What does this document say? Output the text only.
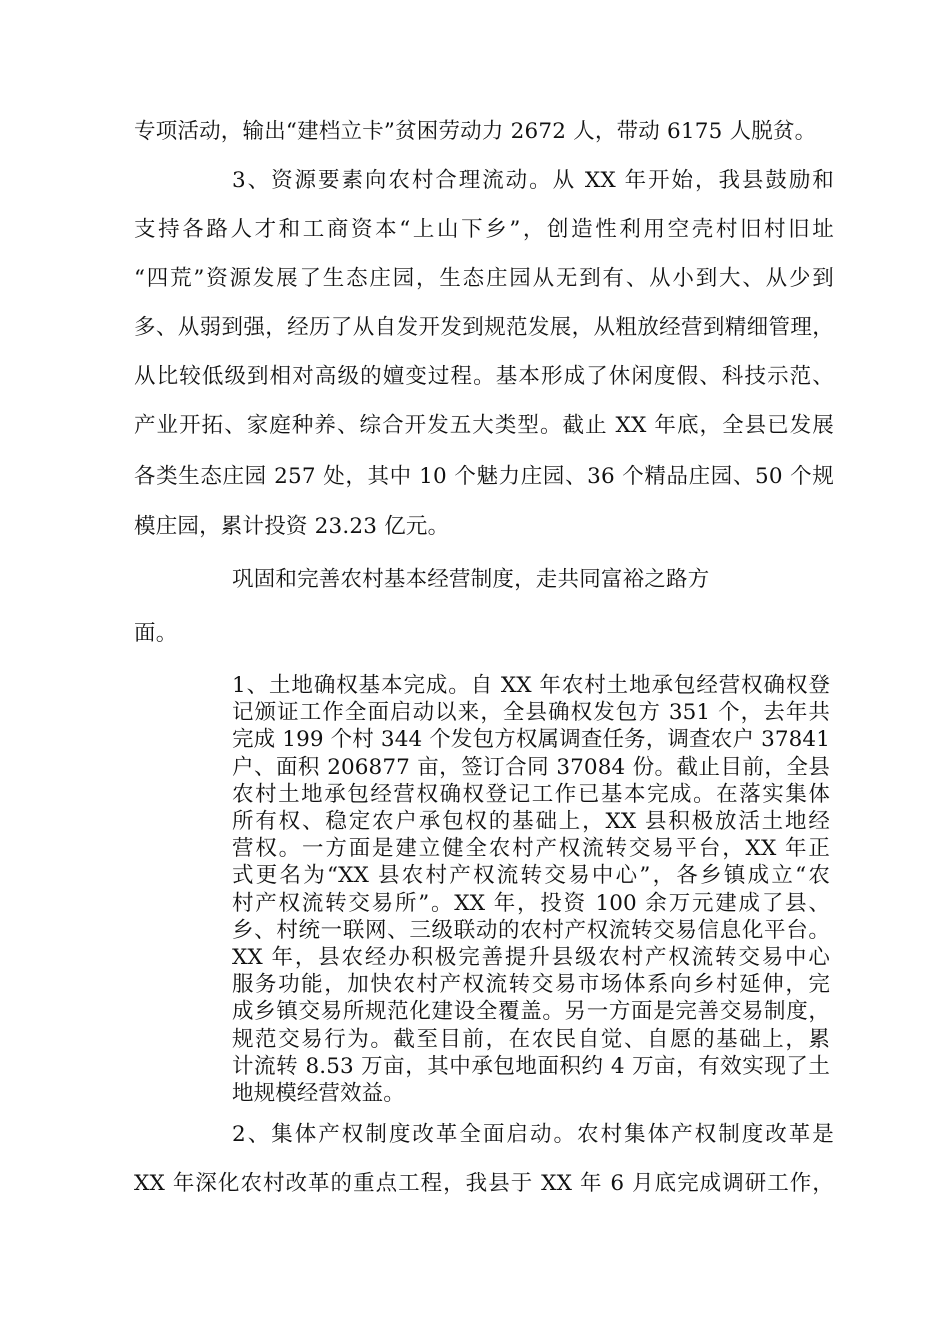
专项活动，输出“建档立卡”贫困劳动力 2672 人，带动 6175 人脱贫。
3、资源要素向农村合理流动。从 XX 年开始，我县鼓励和
支持各路人才和工商资本“上山下乡”，创造性利用空壳村旧村旧址
“四荒”资源发展了生态庄园，生态庄园从无到有、从小到大、从少到
多、从弱到强，经历了从自发开发到规范发展，从粗放经营到精细管理，
从比较低级到相对高级的嬗变过程。基本形成了休闲度假、科技示范、
产业开拓、家庭种养、综合开发五大类型。截止 XX 年底，全县已发展
各类生态庄园 257 处，其中 10 个魅力庄园、36 个精品庄园、50 个规
模庄园，累计投资 23.23 亿元。
巩固和完善农村基本经营制度，走共同富裕之路方
面。
1、土地确权基本完成。自 XX 年农村土地承包经营权确权登
记颁证工作全面启动以来，全县确权发包方 351 个，去年共
完成 199 个村 344 个发包方权属调查任务，调查农户 37841
户、面积 206877 亩，签订合同 37084 份。截止目前，全县
农村土地承包经营权确权登记工作已基本完成。在落实集体
所有权、稳定农户承包权的基础上，XX 县积极放活土地经
营权。一方面是建立健全农村产权流转交易平台，XX 年正
式更名为“XX 县农村产权流转交易中心”，各乡镇成立“农
村产权流转交易所”。XX 年，投资 100 余万元建成了县、
乡、村统一联网、三级联动的农村产权流转交易信息化平台。
XX 年，县农经办积极完善提升县级农村产权流转交易中心
服务功能，加快农村产权流转交易市场体系向乡村延伸，完
成乡镇交易所规范化建设全覆盖。另一方面是完善交易制度，
规范交易行为。截至目前，在农民自觉、自愿的基础上，累
计流转 8.53 万亩，其中承包地面积约 4 万亩，有效实现了土
地规模经营效益。
2、集体产权制度改革全面启动。农村集体产权制度改革是
XX 年深化农村改革的重点工程，我县于 XX 年 6 月底完成调研工作，
